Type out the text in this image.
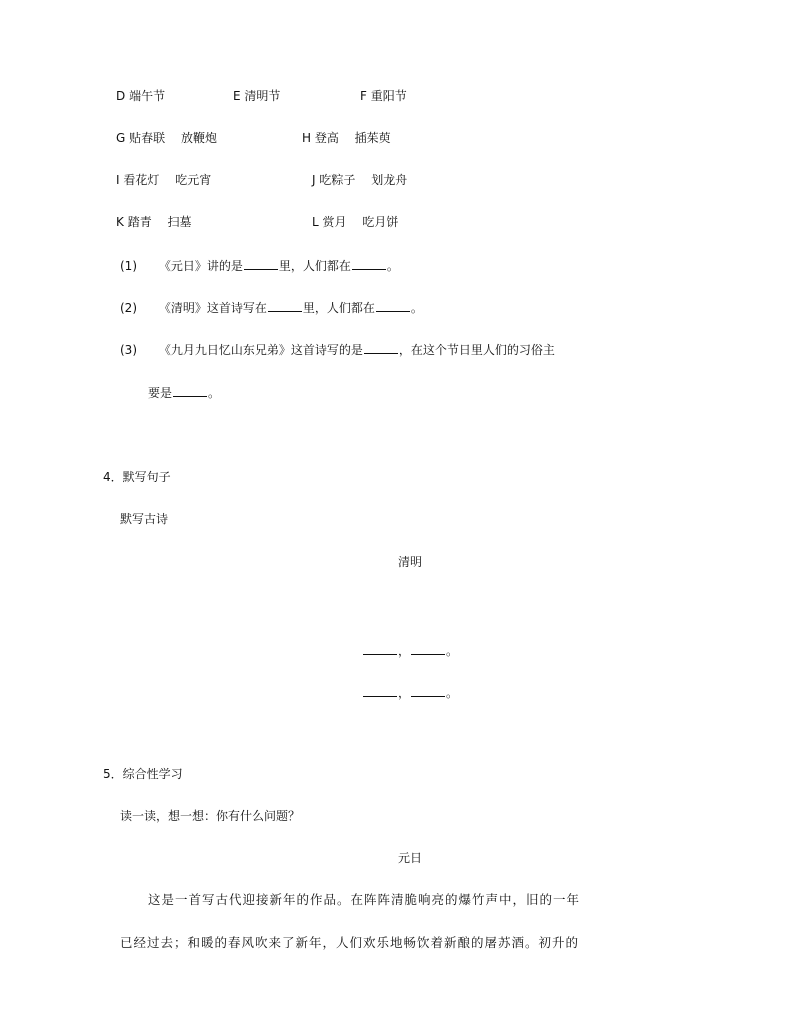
D 端午节	E 清明节	F 重阳节
G 贴春联　 放鞭炮	H 登高　 插茱萸
I 看花灯　 吃元宵	J 吃粽子　 划龙舟
K 踏青　 扫墓	L 赏月　 吃月饼
(1) 《元日》讲的是	里，人们都在	。
(2) 《清明》这首诗写在	里，人们都在	。
(3) 《九月九日忆山东兄弟》这首诗写的是	，在这个节日里人们的习俗主
要是	。
4．默写句子
默写古诗
清明
，	。
，	。
5．综合性学习
读一读，想一想：你有什么问题？
元日
这是一首写古代迎接新年的作品。在阵阵清脆响亮的爆竹声中，旧的一年
已经过去；和暖的春风吹来了新年，人们欢乐地畅饮着新酿的屠苏酒。初升的
